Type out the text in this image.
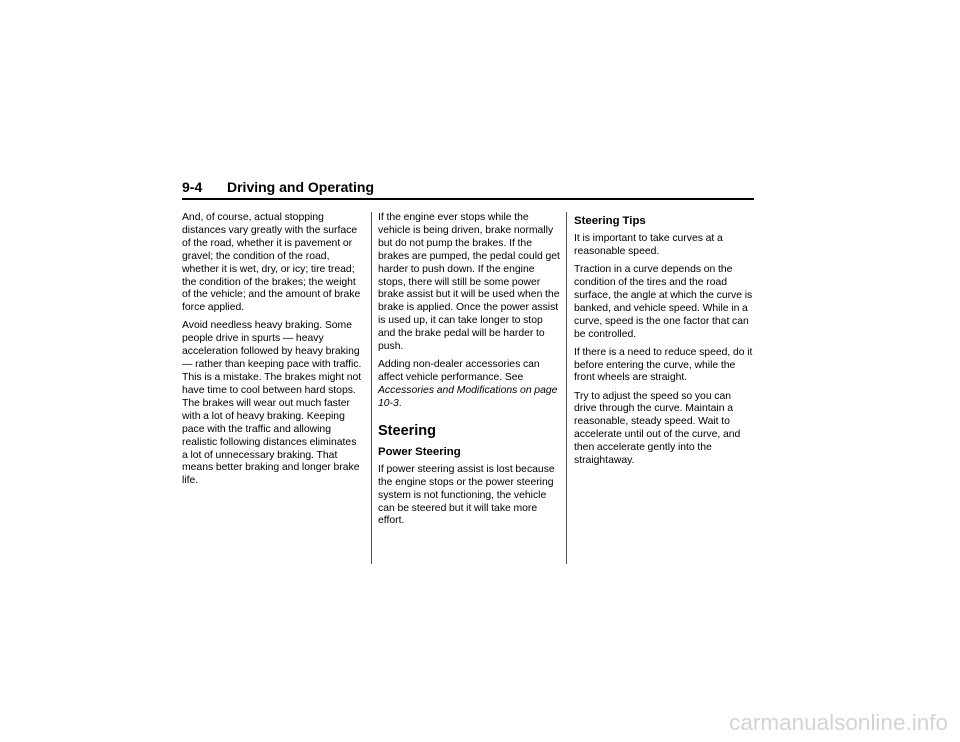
9-4 Driving and Operating

And, of course, actual stopping distances vary greatly with the surface of the road, whether it is pavement or gravel; the condition of the road, whether it is wet, dry, or icy; tire tread; the condition of the brakes; the weight of the vehicle; and the amount of brake force applied.

Avoid needless heavy braking. Some people drive in spurts — heavy acceleration followed by heavy braking — rather than keeping pace with traffic. This is a mistake. The brakes might not have time to cool between hard stops. The brakes will wear out much faster with a lot of heavy braking. Keeping pace with the traffic and allowing realistic following distances eliminates a lot of unnecessary braking. That means better braking and longer brake life.

If the engine ever stops while the vehicle is being driven, brake normally but do not pump the brakes. If the brakes are pumped, the pedal could get harder to push down. If the engine stops, there will still be some power brake assist but it will be used when the brake is applied. Once the power assist is used up, it can take longer to stop and the brake pedal will be harder to push.

Adding non-dealer accessories can affect vehicle performance. See Accessories and Modifications on page 10-3.

Steering
Power Steering

If power steering assist is lost because the engine stops or the power steering system is not functioning, the vehicle can be steered but it will take more effort.

Steering Tips

It is important to take curves at a reasonable speed.

Traction in a curve depends on the condition of the tires and the road surface, the angle at which the curve is banked, and vehicle speed. While in a curve, speed is the one factor that can be controlled.

If there is a need to reduce speed, do it before entering the curve, while the front wheels are straight.

Try to adjust the speed so you can drive through the curve. Maintain a reasonable, steady speed. Wait to accelerate until out of the curve, and then accelerate gently into the straightaway.

carmanualsonline.info
